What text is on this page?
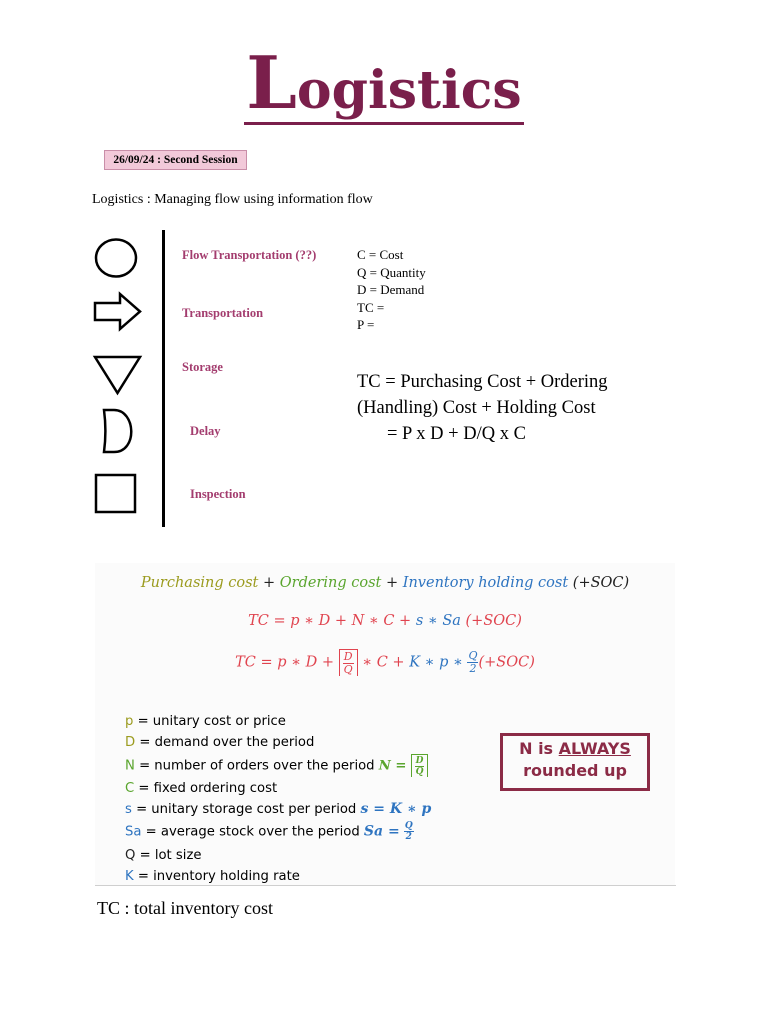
Logistics
26/09/24 : Second Session
Logistics : Managing flow using information flow
Flow Transportation (??)
Transportation
Storage
Delay
Inspection
C = Cost
Q = Quantity
D = Demand
TC =
P =
TC = Purchasing Cost + Ordering
(Handling) Cost + Holding Cost
= P x D + D/Q x C
Purchasing cost + Ordering cost + Inventory holding cost (+SOC)
TC = p ∗ D + N ∗ C + s ∗ Sa (+SOC)
TC = p ∗ $D + \frac{D}{Q}$ ∗ C + K ∗ p ∗ $\frac{Q}{2} (+SOC)$
p = unitary cost or price
D = demand over the period
N = number of orders over the period $N = \frac{D}{Q}$
C = fixed ordering cost
s = unitary storage cost per period s = K ∗ p
Sa = average stock over the period $Sa = \frac{Q}{2}$
Q = lot size
K = inventory holding rate
N is ALWAYS
rounded up
TC : total inventory cost
